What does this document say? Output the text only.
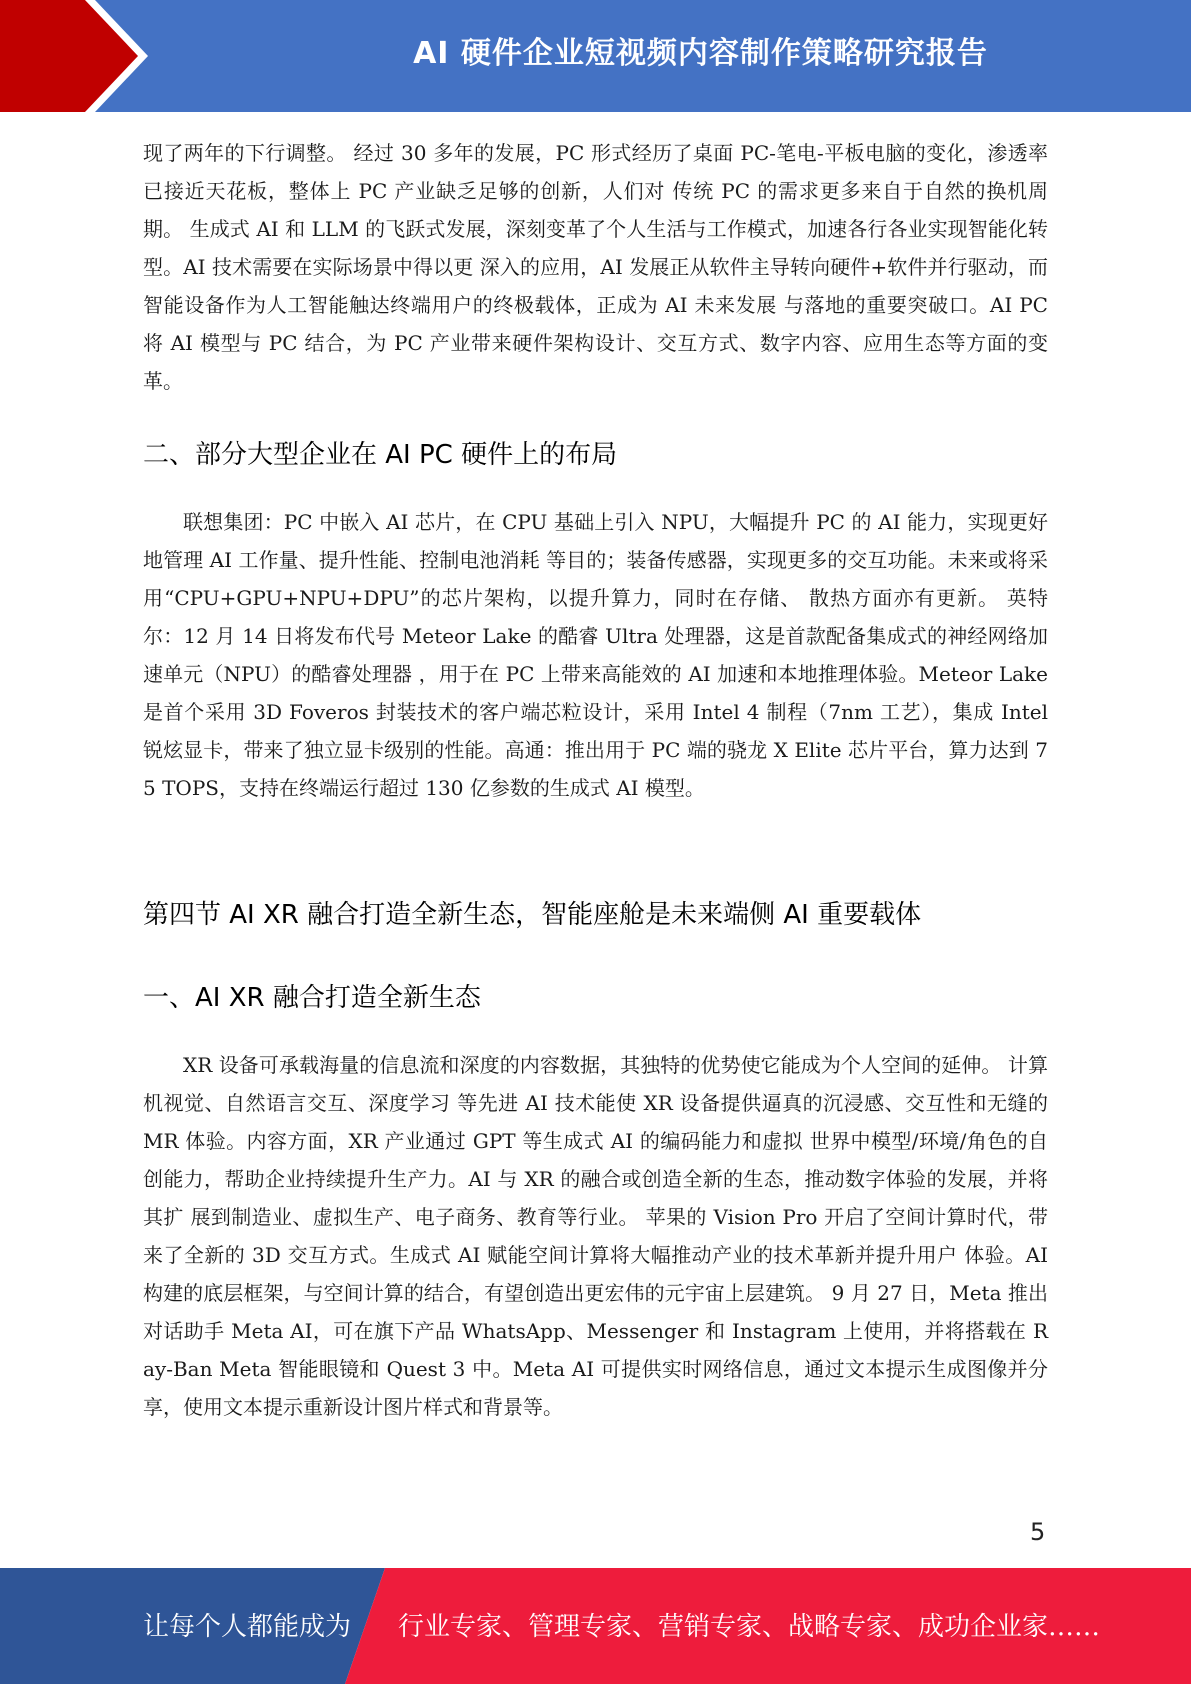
AI 硬件企业短视频内容制作策略研究报告

现了两年的下行调整。 经过 30 多年的发展，PC 形式经历了桌面 PC-笔电-平板电脑的变化，渗透率已接近天花板，整体上 PC 产业缺乏足够的创新，人们对 传统 PC 的需求更多来自于自然的换机周期。 生成式 AI 和 LLM 的飞跃式发展，深刻变革了个人生活与工作模式，加速各行各业实现智能化转型。AI 技术需要在实际场景中得以更 深入的应用，AI 发展正从软件主导转向硬件+软件并行驱动，而智能设备作为人工智能触达终端用户的终极载体，正成为 AI 未来发展 与落地的重要突破口。AI PC 将 AI 模型与 PC 结合，为 PC 产业带来硬件架构设计、交互方式、数字内容、应用生态等方面的变革。

二、部分大型企业在 AI PC 硬件上的布局

联想集团：PC 中嵌入 AI 芯片，在 CPU 基础上引入 NPU，大幅提升 PC 的 AI 能力，实现更好地管理 AI 工作量、提升性能、控制电池消耗 等目的；装备传感器，实现更多的交互功能。未来或将采用“CPU+GPU+NPU+DPU”的芯片架构，以提升算力，同时在存储、 散热方面亦有更新。 英特尔：12 月 14 日将发布代号 Meteor Lake 的酷睿 Ultra 处理器，这是首款配备集成式的神经网络加速单元（NPU）的酷睿处理器 ，用于在 PC 上带来高能效的 AI 加速和本地推理体验。Meteor Lake 是首个采用 3D Foveros 封装技术的客户端芯粒设计，采用 Intel 4 制程（7nm 工艺），集成 Intel 锐炫显卡，带来了独立显卡级别的性能。高通：推出用于 PC 端的骁龙 X Elite 芯片平台，算力达到 75 TOPS，支持在终端运行超过 130 亿参数的生成式 AI 模型。

第四节 AI XR 融合打造全新生态，智能座舱是未来端侧 AI 重要载体
一、AI XR 融合打造全新生态

XR 设备可承载海量的信息流和深度的内容数据，其独特的优势使它能成为个人空间的延伸。 计算机视觉、自然语言交互、深度学习 等先进 AI 技术能使 XR 设备提供逼真的沉浸感、交互性和无缝的 MR 体验。内容方面，XR 产业通过 GPT 等生成式 AI 的编码能力和虚拟 世界中模型/环境/角色的自创能力，帮助企业持续提升生产力。AI 与 XR 的融合或创造全新的生态，推动数字体验的发展，并将其扩 展到制造业、虚拟生产、电子商务、教育等行业。 苹果的 Vision Pro 开启了空间计算时代，带来了全新的 3D 交互方式。生成式 AI 赋能空间计算将大幅推动产业的技术革新并提升用户 体验。AI 构建的底层框架，与空间计算的结合，有望创造出更宏伟的元宇宙上层建筑。 9 月 27 日，Meta 推出对话助手 Meta AI，可在旗下产品 WhatsApp、Messenger 和 Instagram 上使用，并将搭载在 Ray-Ban Meta 智能眼镜和 Quest 3 中。Meta AI 可提供实时网络信息，通过文本提示生成图像并分享，使用文本提示重新设计图片样式和背景等。

5
让每个人都能成为 行业专家、管理专家、营销专家、战略专家、成功企业家……
